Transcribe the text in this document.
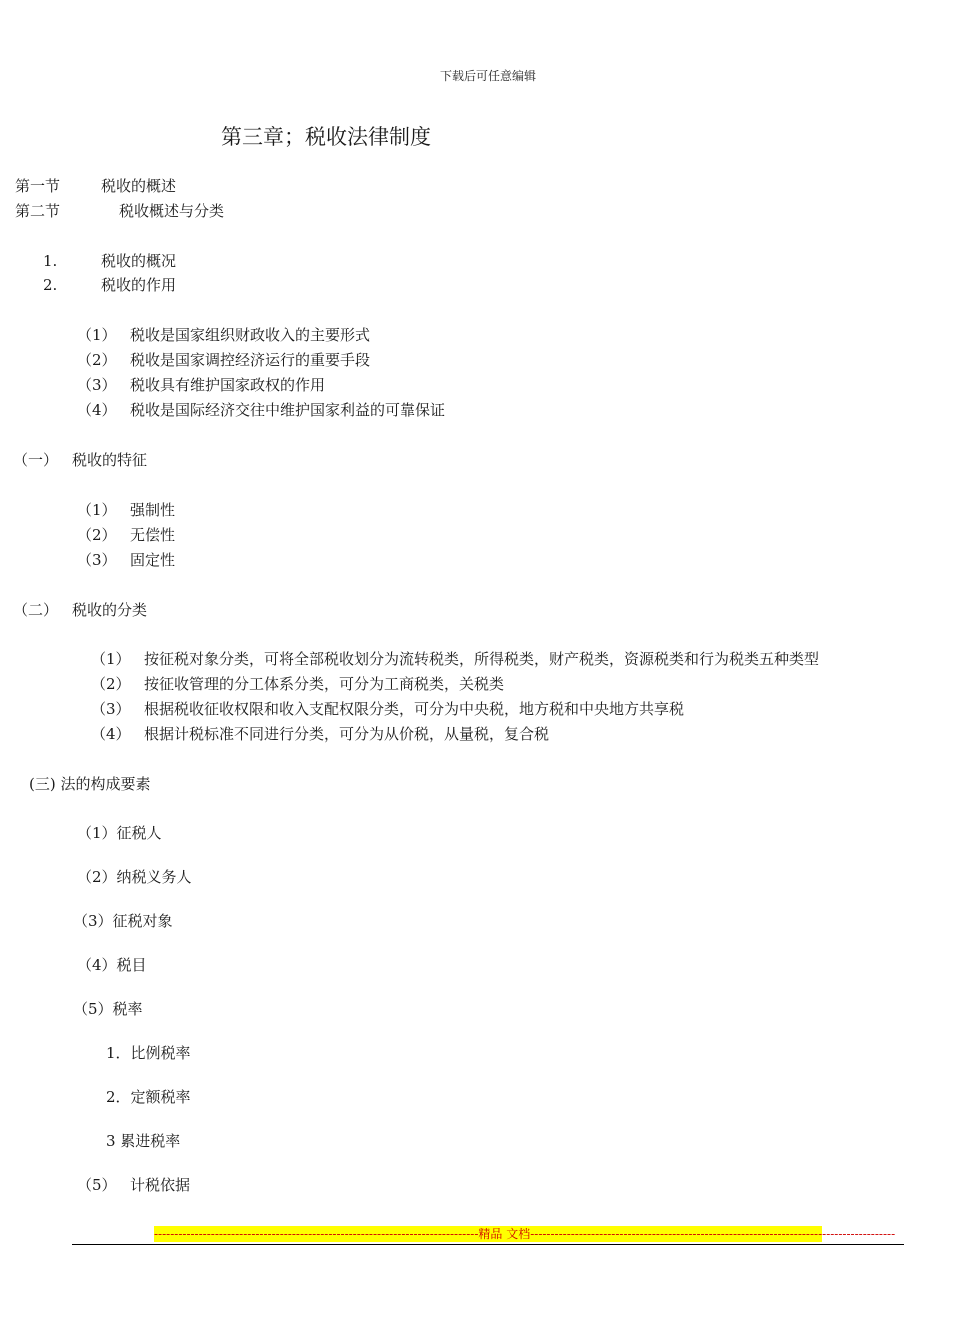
下载后可任意编辑
第三章；税收法律制度
第一节	税收的概述
第二节	税收概述与分类
1.	税收的概况
2.	税收的作用
（1） 税收是国家组织财政收入的主要形式
（2） 税收是国家调控经济运行的重要手段
（3） 税收具有维护国家政权的作用
（4） 税收是国际经济交往中维护国家利益的可靠保证
（一） 税收的特征
（1） 强制性
（2） 无偿性
（3） 固定性
（二） 税收的分类
（1） 按征税对象分类，可将全部税收划分为流转税类，所得税类，财产税类，资源税类和行为税类五种类型
（2） 按征收管理的分工体系分类，可分为工商税类，关税类
（3） 根据税收征收权限和收入支配权限分类，可分为中央税，地方税和中央地方共享税
（4） 根据计税标准不同进行分类，可分为从价税，从量税，复合税
(三) 法的构成要素
（1）征税人
（2）纳税义务人
（3）征税对象
（4）税目
（5）税率
1．比例税率
2．定额税率
3 累进税率
（5） 计税依据
--------------------------------------------------------------------------------精品 文档------------------------------------------------------------------------------------------
